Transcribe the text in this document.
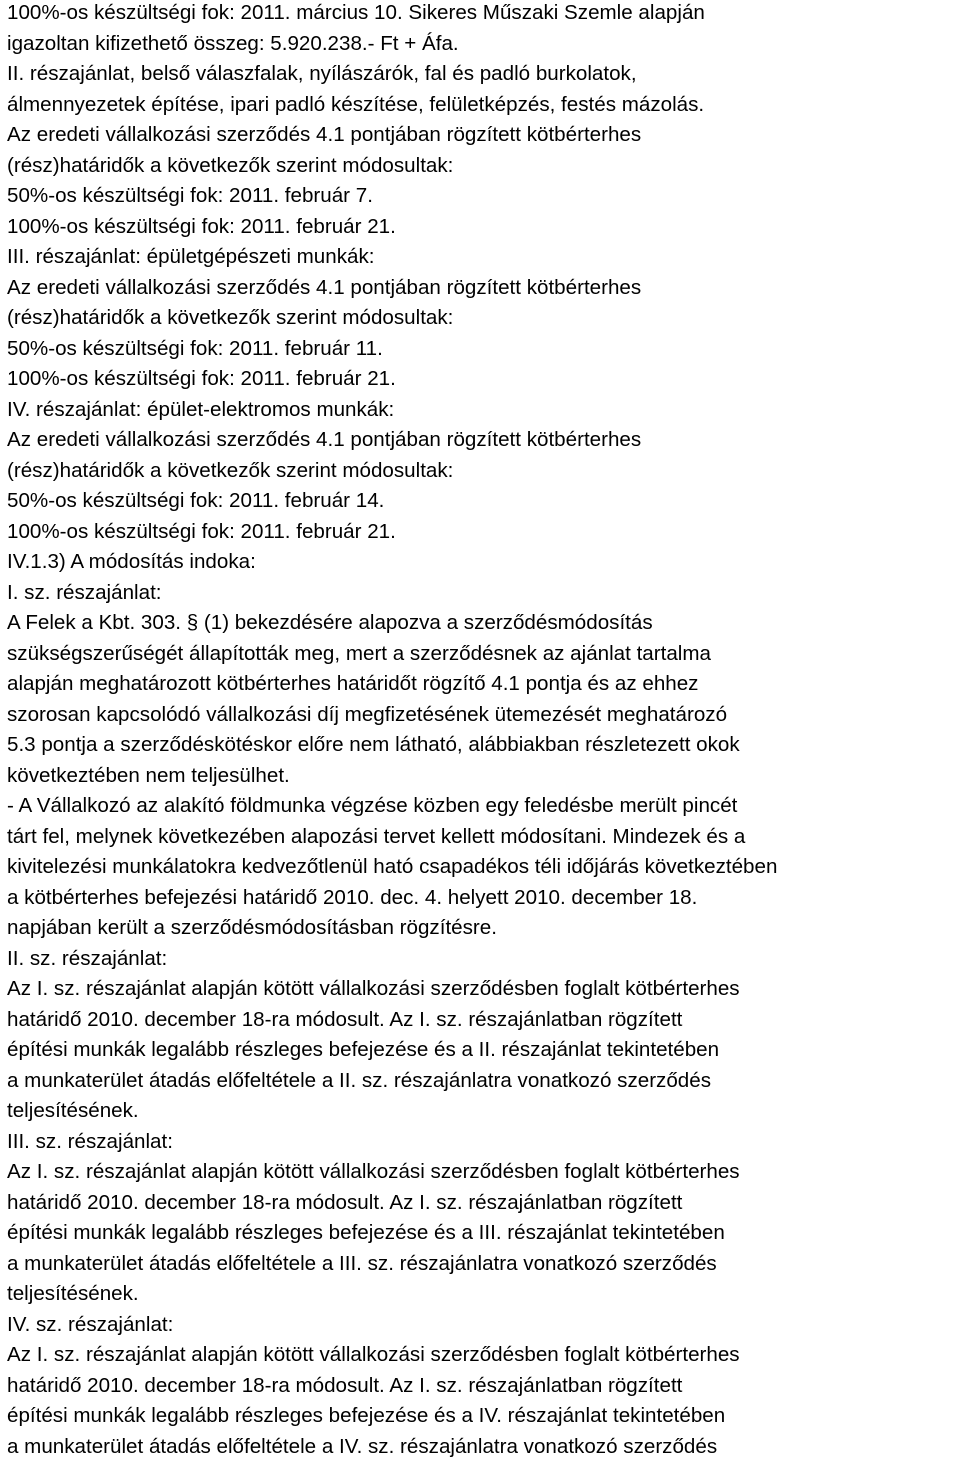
100%-os készültségi fok: 2011. március 10. Sikeres Műszaki Szemle alapján
igazoltan kifizethető összeg: 5.920.238.- Ft + Áfa.
II. részajánlat, belső válaszfalak, nyílászárók, fal és padló burkolatok,
álmennyezetek építése, ipari padló készítése, felületképzés, festés mázolás.
Az eredeti vállalkozási szerződés 4.1 pontjában rögzített kötbérterhes
(rész)határidők a következők szerint módosultak:
50%-os készültségi fok: 2011. február 7.
100%-os készültségi fok: 2011. február 21.
III. részajánlat: épületgépészeti munkák:
Az eredeti vállalkozási szerződés 4.1 pontjában rögzített kötbérterhes
(rész)határidők a következők szerint módosultak:
50%-os készültségi fok: 2011. február 11.
100%-os készültségi fok: 2011. február 21.
IV. részajánlat: épület-elektromos munkák:
Az eredeti vállalkozási szerződés 4.1 pontjában rögzített kötbérterhes
(rész)határidők a következők szerint módosultak:
50%-os készültségi fok: 2011. február 14.
100%-os készültségi fok: 2011. február 21.
IV.1.3) A módosítás indoka:
I. sz. részajánlat:
A Felek a Kbt. 303. § (1) bekezdésére alapozva a szerződésmódosítás
szükségszerűségét állapították meg, mert a szerződésnek az ajánlat tartalma
alapján meghatározott kötbérterhes határidőt rögzítő 4.1 pontja és az ehhez
szorosan kapcsolódó vállalkozási díj megfizetésének ütemezését meghatározó
5.3 pontja a szerződéskötéskor előre nem látható, alábbiakban részletezett okok
következtében nem teljesülhet.
- A Vállalkozó az alakító földmunka végzése közben egy feledésbe merült pincét
tárt fel, melynek következében alapozási tervet kellett módosítani. Mindezek és a
kivitelezési munkálatokra kedvezőtlenül ható csapadékos téli időjárás következtében
a kötbérterhes befejezési határidő 2010. dec. 4. helyett 2010. december 18.
napjában került a szerződésmódosításban rögzítésre.
II. sz. részajánlat:
Az I. sz. részajánlat alapján kötött vállalkozási szerződésben foglalt kötbérterhes
határidő 2010. december 18-ra módosult. Az I. sz. részajánlatban rögzített
építési munkák legalább részleges befejezése és a II. részajánlat tekintetében
a munkaterület átadás előfeltétele a II. sz. részajánlatra vonatkozó szerződés
teljesítésének.
III. sz. részajánlat:
Az I. sz. részajánlat alapján kötött vállalkozási szerződésben foglalt kötbérterhes
határidő 2010. december 18-ra módosult. Az I. sz. részajánlatban rögzített
építési munkák legalább részleges befejezése és a III. részajánlat tekintetében
a munkaterület átadás előfeltétele a III. sz. részajánlatra vonatkozó szerződés
teljesítésének.
IV. sz. részajánlat:
Az I. sz. részajánlat alapján kötött vállalkozási szerződésben foglalt kötbérterhes
határidő 2010. december 18-ra módosult. Az I. sz. részajánlatban rögzített
építési munkák legalább részleges befejezése és a IV. részajánlat tekintetében
a munkaterület átadás előfeltétele a IV. sz. részajánlatra vonatkozó szerződés
